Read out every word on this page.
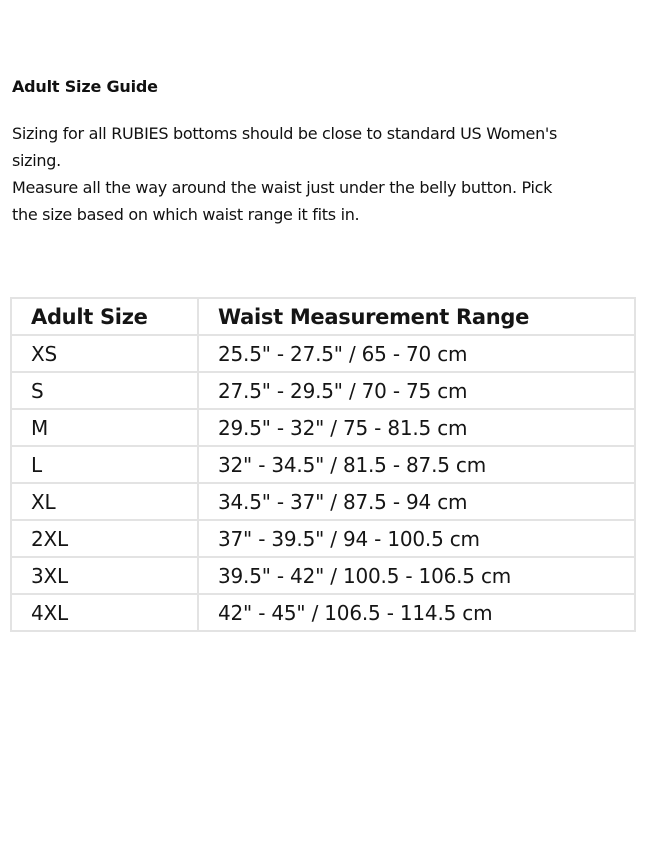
Adult Size Guide

Sizing for all RUBIES bottoms should be close to standard US Women's
sizing.

Measure all the way around the waist just under the belly button. Pick
the size based on which waist range it fits in.

Adult Size	Waist Measurement Range
XS	25.5" - 27.5" / 65 - 70 cm
S	27.5" - 29.5" / 70 - 75 cm
M	29.5" - 32" / 75 - 81.5 cm
L	32" - 34.5" / 81.5 - 87.5 cm
XL	34.5" - 37" / 87.5 - 94 cm
2XL	37" - 39.5" / 94 - 100.5 cm
3XL	39.5" - 42" / 100.5 - 106.5 cm
4XL	42" - 45" / 106.5 - 114.5 cm
